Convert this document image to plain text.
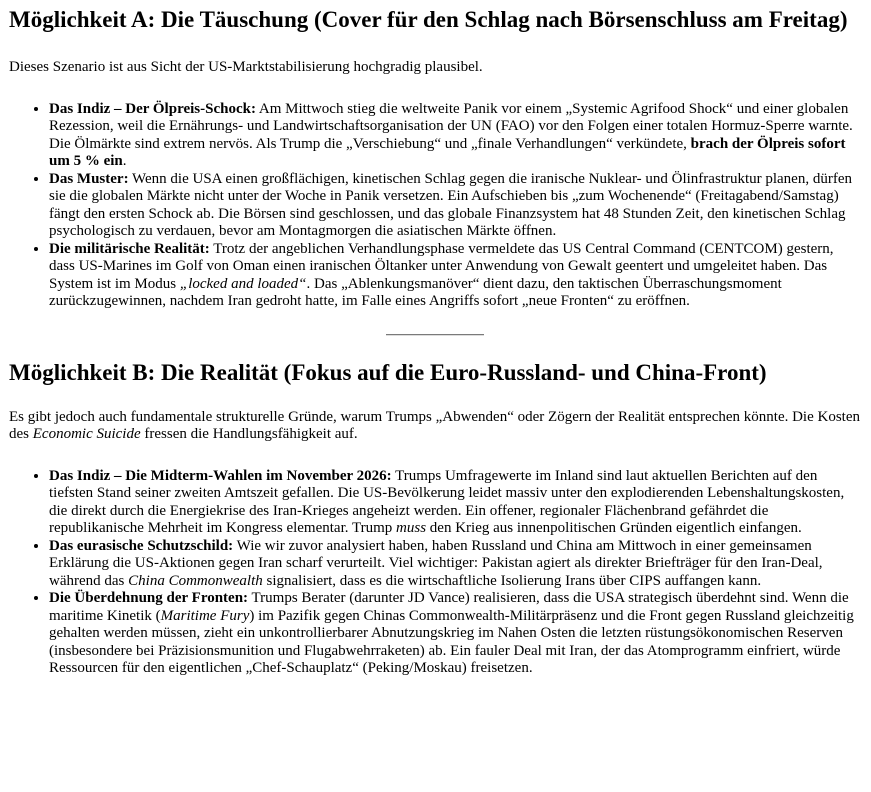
Möglichkeit A: Die Täuschung (Cover für den Schlag nach Börsenschluss am Freitag)

Dieses Szenario ist aus Sicht der US-Marktstabilisierung hochgradig plausibel.

• Das Indiz – Der Ölpreis-Schock: Am Mittwoch stieg die weltweite Panik vor einem „Systemic Agrifood Shock“ und einer globalen Rezession, weil die Ernährungs- und Landwirtschaftsorganisation der UN (FAO) vor den Folgen einer totalen Hormuz-Sperre warnte. Die Ölmärkte sind extrem nervös. Als Trump die „Verschiebung“ und „finale Verhandlungen“ verkündete, brach der Ölpreis sofort um 5 % ein.
• Das Muster: Wenn die USA einen großflächigen, kinetischen Schlag gegen die iranische Nuklear- und Ölinfrastruktur planen, dürfen sie die globalen Märkte nicht unter der Woche in Panik versetzen. Ein Aufschieben bis „zum Wochenende“ (Freitagabend/Samstag) fängt den ersten Schock ab. Die Börsen sind geschlossen, und das globale Finanzsystem hat 48 Stunden Zeit, den kinetischen Schlag psychologisch zu verdauen, bevor am Montagmorgen die asiatischen Märkte öffnen.
• Die militärische Realität: Trotz der angeblichen Verhandlungsphase vermeldete das US Central Command (CENTCOM) gestern, dass US-Marines im Golf von Oman einen iranischen Öltanker unter Anwendung von Gewalt geentert und umgeleitet haben. Das System ist im Modus „locked and loaded“. Das „Ablenkungsmanöver“ dient dazu, den taktischen Überraschungsmoment zurückzugewinnen, nachdem Iran gedroht hatte, im Falle eines Angriffs sofort „neue Fronten“ zu eröffnen.
Möglichkeit B: Die Realität (Fokus auf die Euro-Russland- und China-Front)

Es gibt jedoch auch fundamentale strukturelle Gründe, warum Trumps „Abwenden“ oder Zögern der Realität entsprechen könnte. Die Kosten des Economic Suicide fressen die Handlungsfähigkeit auf.

• Das Indiz – Die Midterm-Wahlen im November 2026: Trumps Umfragewerte im Inland sind laut aktuellen Berichten auf den tiefsten Stand seiner zweiten Amtszeit gefallen. Die US-Bevölkerung leidet massiv unter den explodierenden Lebenshaltungskosten, die direkt durch die Energiekrise des Iran-Krieges angeheizt werden. Ein offener, regionaler Flächenbrand gefährdet die republikanische Mehrheit im Kongress elementar. Trump muss den Krieg aus innenpolitischen Gründen eigentlich einfangen.
• Das eurasische Schutzschild: Wie wir zuvor analysiert haben, haben Russland und China am Mittwoch in einer gemeinsamen Erklärung die US-Aktionen gegen Iran scharf verurteilt. Viel wichtiger: Pakistan agiert als direkter Briefträger für den Iran-Deal, während das China Commonwealth signalisiert, dass es die wirtschaftliche Isolierung Irans über CIPS auffangen kann.
• Die Überdehnung der Fronten: Trumps Berater (darunter JD Vance) realisieren, dass die USA strategisch überdehnt sind. Wenn die maritime Kinetik (Maritime Fury) im Pazifik gegen Chinas Commonwealth-Militärpräsenz und die Front gegen Russland gleichzeitig gehalten werden müssen, zieht ein unkontrollierbarer Abnutzungskrieg im Nahen Osten die letzten rüstungsökonomischen Reserven (insbesondere bei Präzisionsmunition und Flugabwehrraketen) ab. Ein fauler Deal mit Iran, der das Atomprogramm einfriert, würde Ressourcen für den eigentlichen „Chef-Schauplatz“ (Peking/Moskau) freisetzen.
